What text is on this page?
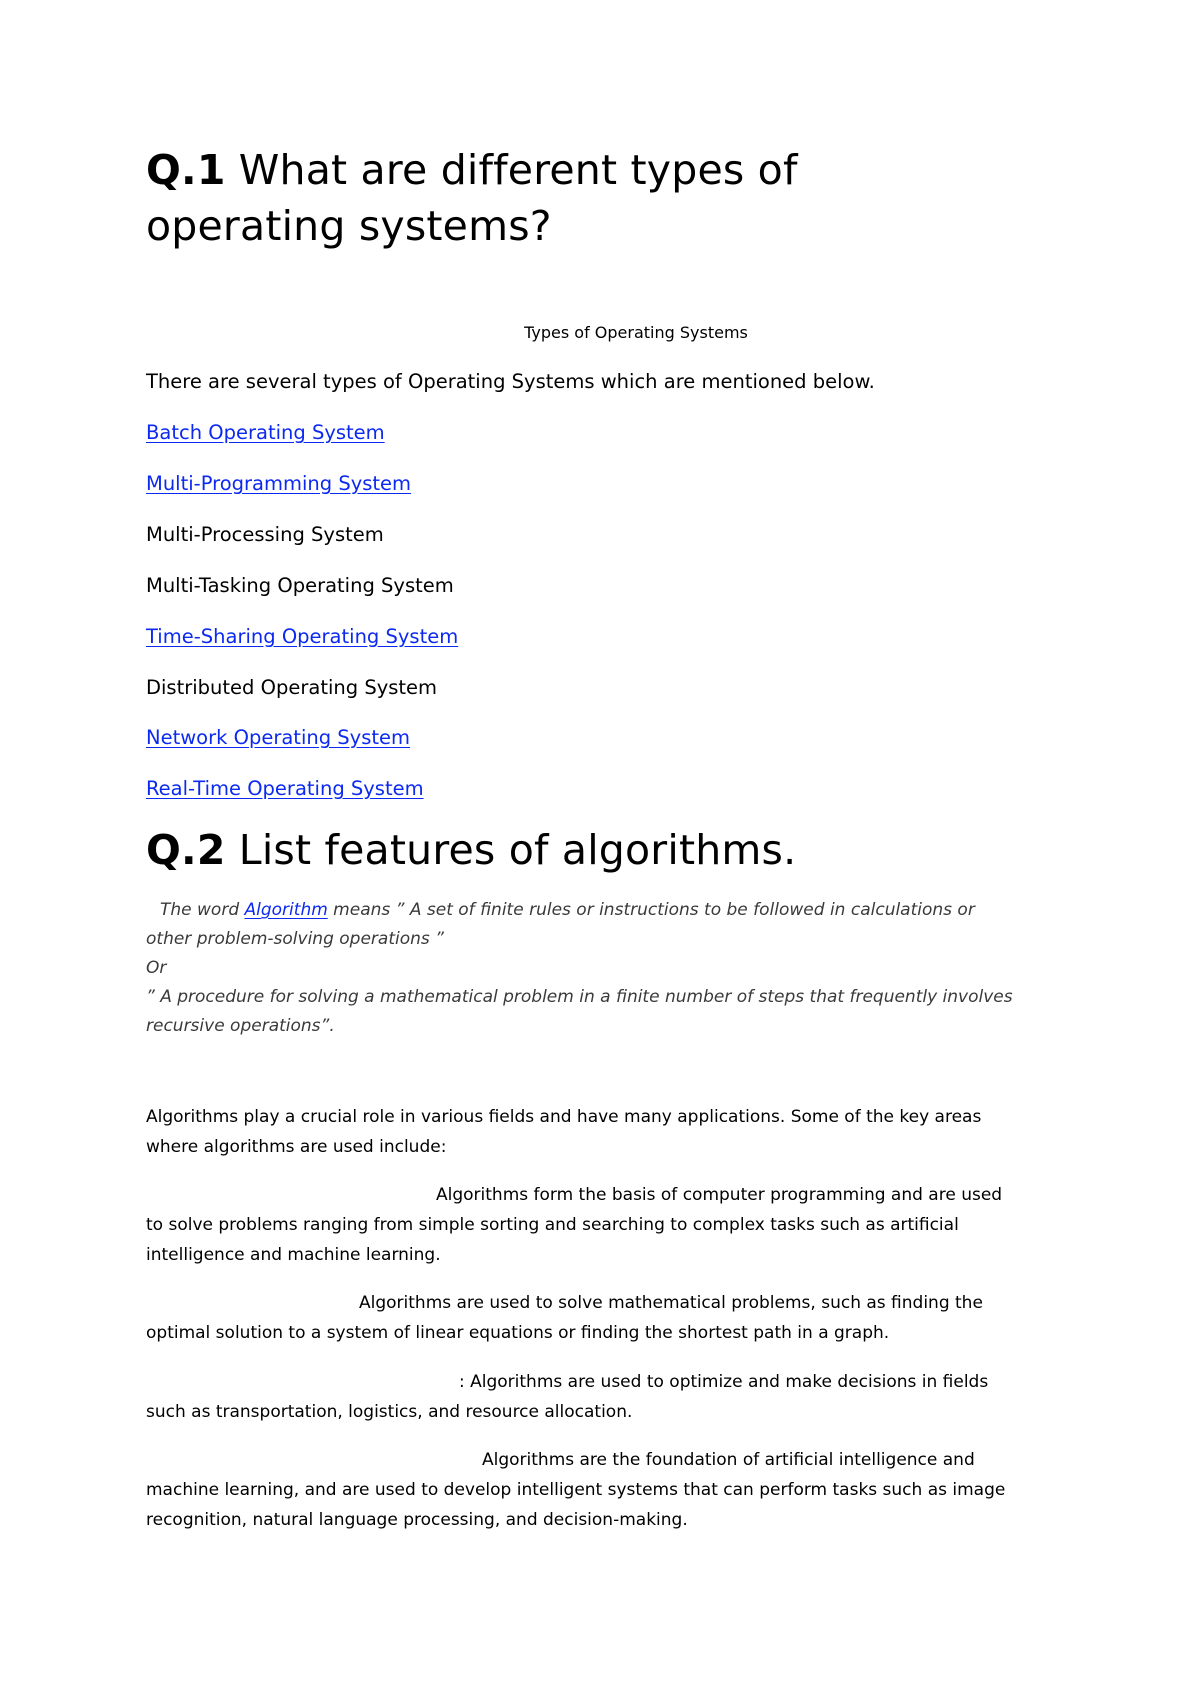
Q.1 What are different types of
operating systems?
Types of Operating Systems
There are several types of Operating Systems which are mentioned below.
Batch Operating System
Multi-Programming System
Multi-Processing System
Multi-Tasking Operating System
Time-Sharing Operating System
Distributed Operating System
Network Operating System
Real-Time Operating System
Q.2 List features of algorithms.
The word Algorithm means ” A set of finite rules or instructions to be followed in calculations or
other problem-solving operations ”
Or
” A procedure for solving a mathematical problem in a finite number of steps that frequently involves
recursive operations”.
Algorithms play a crucial role in various fields and have many applications. Some of the key areas
where algorithms are used include:
Algorithms form the basis of computer programming and are used
to solve problems ranging from simple sorting and searching to complex tasks such as artificial
intelligence and machine learning.
Algorithms are used to solve mathematical problems, such as finding the
optimal solution to a system of linear equations or finding the shortest path in a graph.
: Algorithms are used to optimize and make decisions in fields
such as transportation, logistics, and resource allocation.
Algorithms are the foundation of artificial intelligence and
machine learning, and are used to develop intelligent systems that can perform tasks such as image
recognition, natural language processing, and decision-making.
